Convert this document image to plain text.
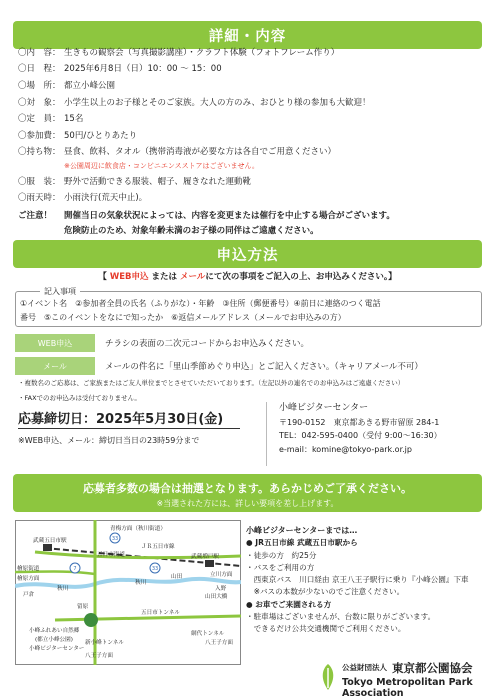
詳細・内容
〇内　容： 生きもの観察会（写真撮影講座）・クラフト体験（フォトフレーム作り）
〇日　程： 2025年6月8日（日）10：00 ～ 15：00
〇場　所： 都立小峰公園
〇対　象： 小学生以上のお子様とそのご家族。大人の方のみ、おひとり様の参加も大歓迎！
〇定　員： 15名
〇参加費： 50円/ひとりあたり
〇持ち物： 昼食、飲料、タオル（携帯消毒液が必要な方は各自でご用意ください）
※公園周辺に飲食店・コンビニエンスストアはございません。
〇服　装： 野外で活動できる服装、帽子、履きなれた運動靴
〇雨天時： 小雨決行(荒天中止)。
ご注意！ 開催当日の気象状況によっては、内容を変更または催行を中止する場合がございます。
危険防止のため、対象年齢未満のお子様の同伴はご遠慮ください。
申込方法
【 WEB申込 または メールにて次の事項をご記入の上、お申込みください。】
記入事項
①イベント名　②参加者全員の氏名（ふりがな）・年齢　③住所（郵便番号）④前日に連絡のつく電話
番号　⑤このイベントをなにで知ったか　⑥返信メールアドレス（メールでお申込みの方）
WEB申込	チラシの表面の二次元コードからお申込みください。
メール	メールの件名に「里山季節めぐり申込」とご記入ください。（キャリアメール不可）
・複数名のご応募は、ご家族またはご友人単位までとさせていただいております。（左記以外の連名でのお申込みはご遠慮ください）
・FAXでのお申込みは受付ておりません。
応募締切日：2025年5月30日(金)
※WEB申込、メール：締切日当日の23時59分まで
小峰ビジターセンター
〒190-0152　東京都あきる野市留原 284-1
TEL：042-595-0400（受付 9:00～16:30）
e-mail：komine@tokyo-park.or.jp
応募者多数の場合は抽選となります。あらかじめご了承ください。
※当選された方には、詳しい要項を差し上げます。
33
7	33
青梅方面（秋川街道）
武蔵五日市駅
ＪＲ五日市線
五日市街道	武蔵増戸駅
檜原街道
檜原方面
秋川
秋川
山田	立川方面
山田大橋
五日市トンネル
小峰ふれあい自然郷
(都立小峰公園)
小峰ビジターセンター
新小峰トンネル
網代トンネル
八王子方面
八王子方面
戸倉
留原
入野
小峰ビジターセンターまでは…
● JR五日市線 武蔵五日市駅から
・徒歩の方　約25分
・バスをご利用の方
　西東京バス　川口経由 京王八王子駅行に乗り『小峰公園』下車
　※バスの本数が少ないのでご注意ください。
● お車でご来園される方
・駐車場はございませんが、台数に限りがございます。
　できるだけ公共交通機関でご利用ください。
公益財団法人 東京都公園協会
Tokyo Metropolitan Park Association
